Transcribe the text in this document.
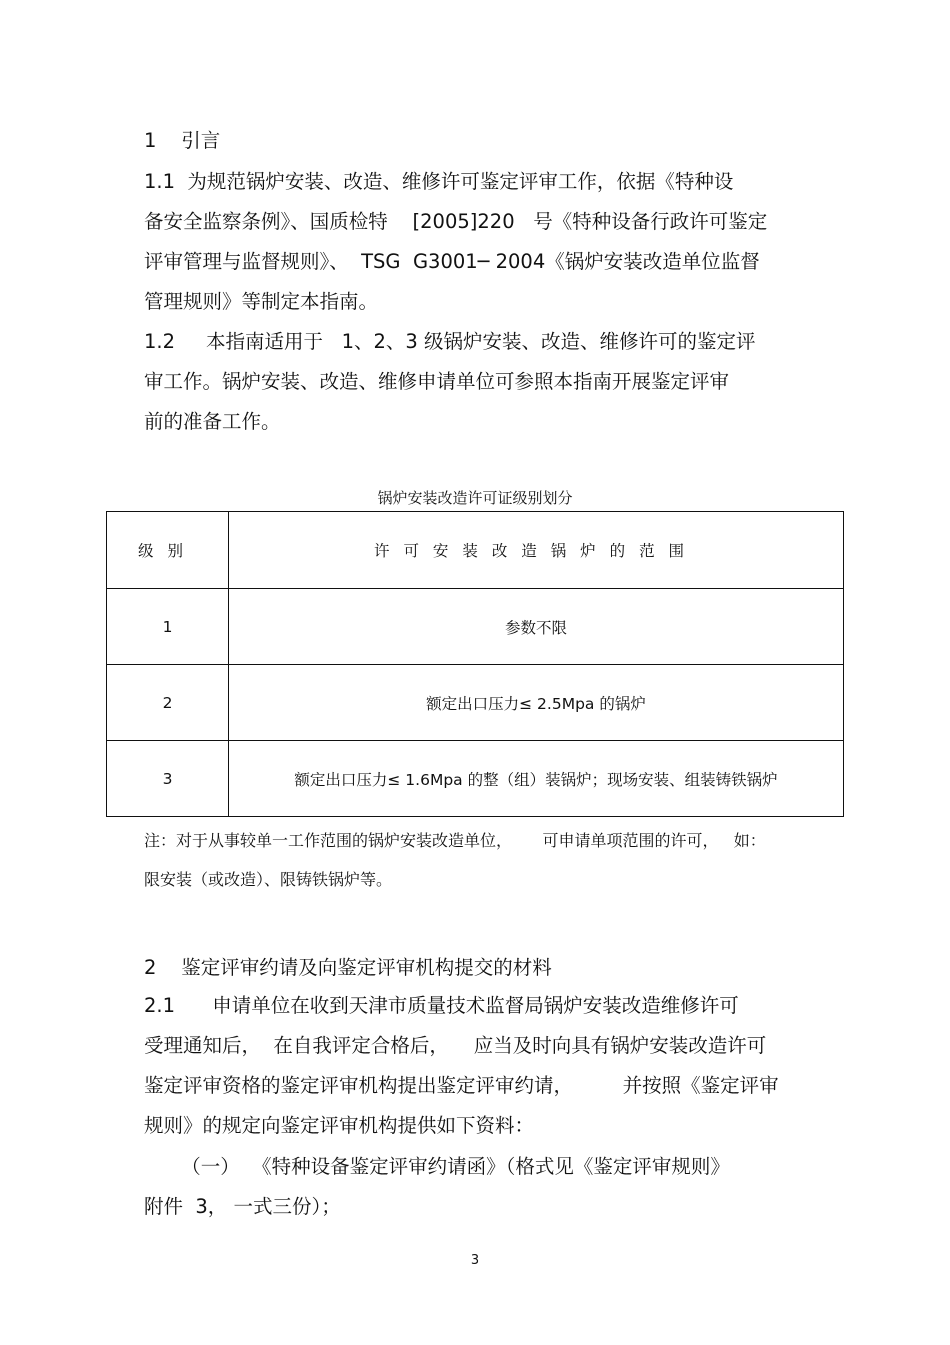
1    引言
1.1  为规范锅炉安装、改造、维修许可鉴定评审工作，依据《特种设
备安全监察条例》、国质检特    [2005]220   号《特种设备行政许可鉴定
评审管理与监督规则》、  TSG  G3001─ 2004《锅炉安装改造单位监督
管理规则》等制定本指南。
1.2     本指南适用于   1、2、3 级锅炉安装、改造、维修许可的鉴定评
审工作。锅炉安装、改造、维修申请单位可参照本指南开展鉴定评审
前的准备工作。
锅炉安装改造许可证级别划分
级别	许可安装改造锅炉的范围
1	参数不限
2	额定出口压力≤ 2.5Mpa 的锅炉
3	额定出口压力≤ 1.6Mpa 的整（组）装锅炉；现场安装、组装铸铁锅炉
注：对于从事较单一工作范围的锅炉安装改造单位，      可申请单项范围的许可，   如：
限安装（或改造）、限铸铁锅炉等。
2    鉴定评审约请及向鉴定评审机构提交的材料
2.1      申请单位在收到天津市质量技术监督局锅炉安装改造维修许可
受理通知后，  在自我评定合格后，    应当及时向具有锅炉安装改造许可
鉴定评审资格的鉴定评审机构提出鉴定评审约请，        并按照《鉴定评审
规则》的规定向鉴定评审机构提供如下资料：
（一）  《特种设备鉴定评审约请函》（格式见《鉴定评审规则》
附件  3， 一式三份）；
3
